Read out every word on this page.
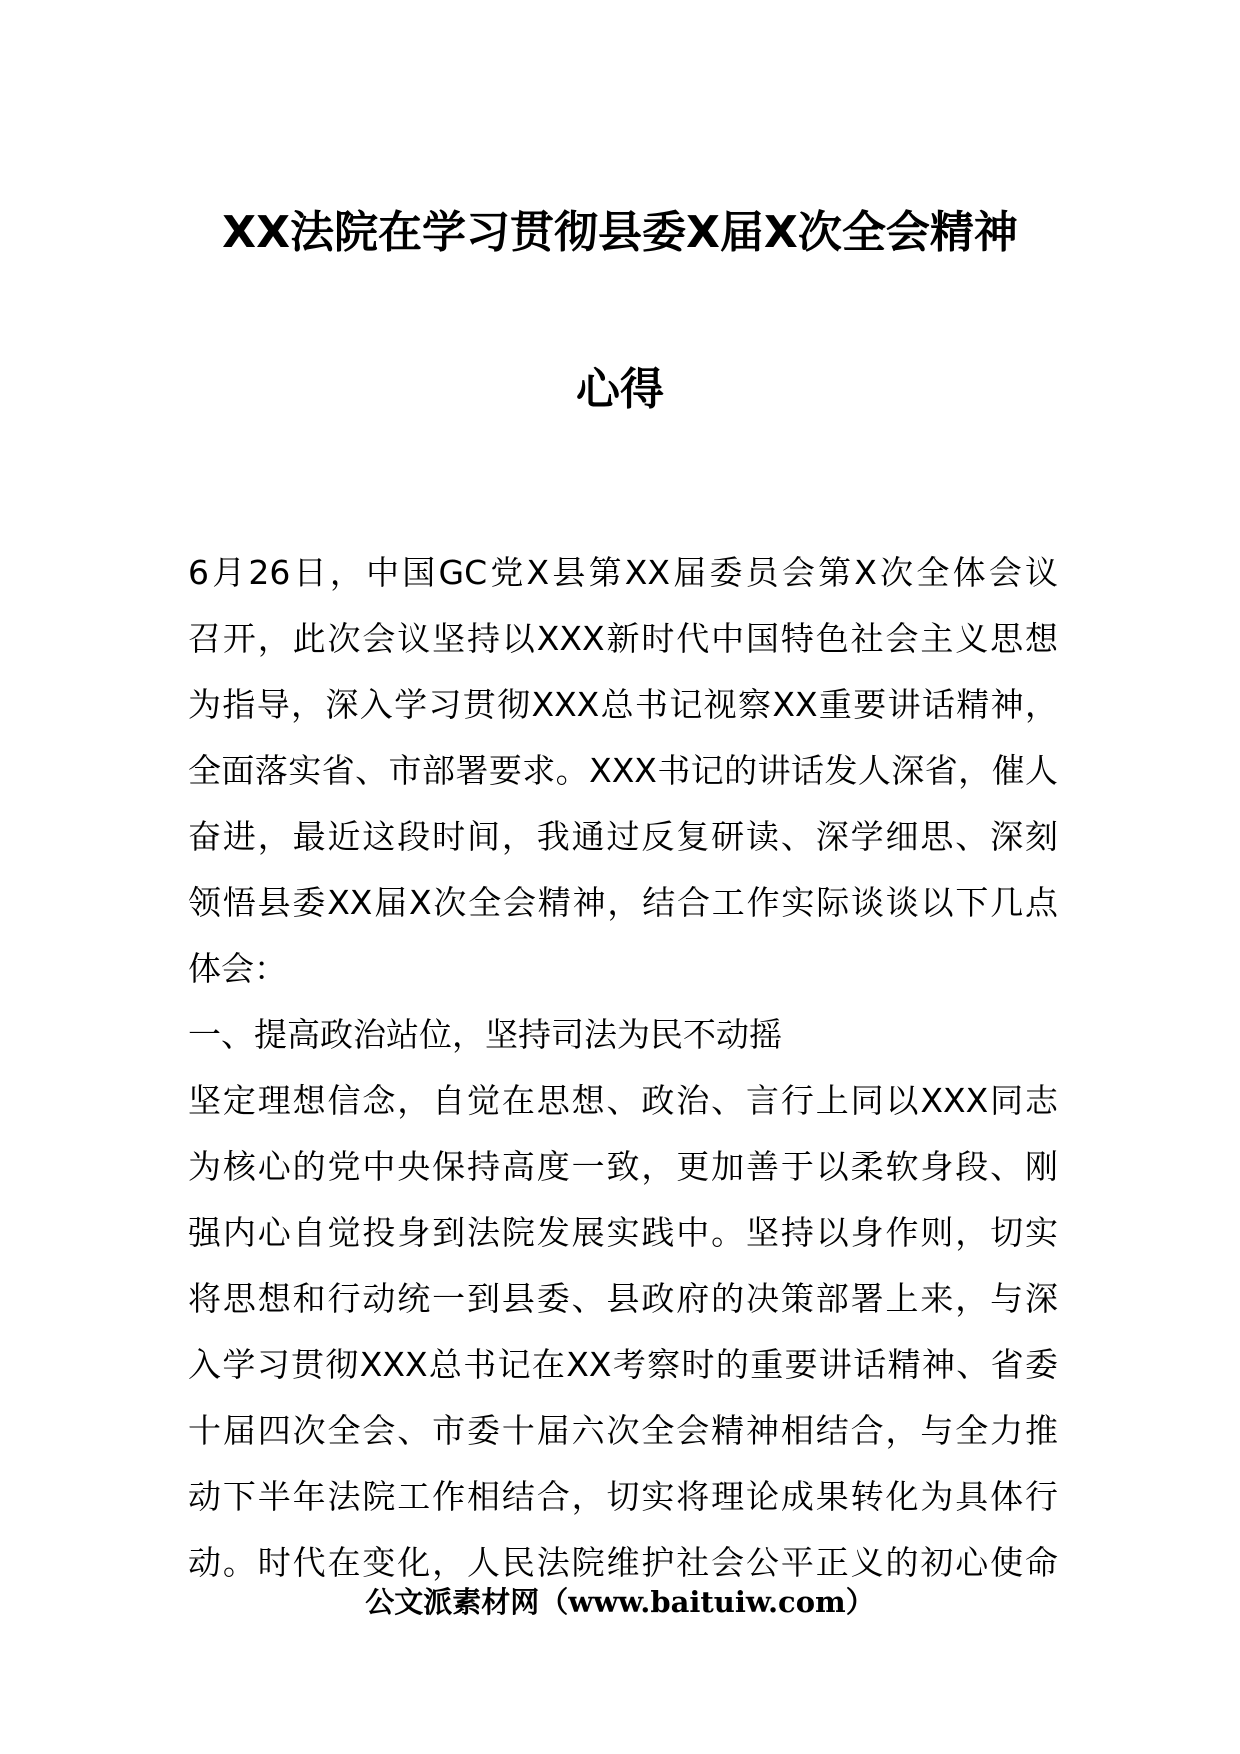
XX法院在学习贯彻县委X届X次全会精神
心得
6月26日，中国GC党X县第XX届委员会第X次全体会议
召开，此次会议坚持以XXX新时代中国特色社会主义思想
为指导，深入学习贯彻XXX总书记视察XX重要讲话精神，
全面落实省、市部署要求。XXX书记的讲话发人深省，催人
奋进，最近这段时间，我通过反复研读、深学细思、深刻
领悟县委XX届X次全会精神，结合工作实际谈谈以下几点
体会：
一、提高政治站位，坚持司法为民不动摇
坚定理想信念，自觉在思想、政治、言行上同以XXX同志
为核心的党中央保持高度一致，更加善于以柔软身段、刚
强内心自觉投身到法院发展实践中。坚持以身作则，切实
将思想和行动统一到县委、县政府的决策部署上来，与深
入学习贯彻XXX总书记在XX考察时的重要讲话精神、省委
十届四次全会、市委十届六次全会精神相结合，与全力推
动下半年法院工作相结合，切实将理论成果转化为具体行
动。时代在变化，人民法院维护社会公平正义的初心使命
公文派素材网（www.baituiw.com）
